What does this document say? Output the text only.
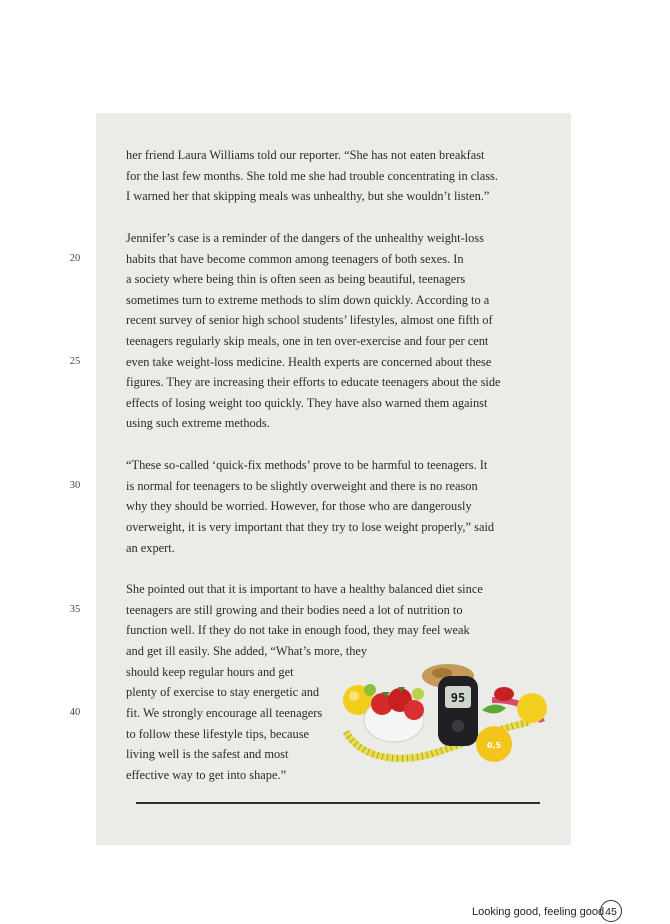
her friend Laura Williams told our reporter. “She has not eaten breakfast
for the last few months. She told me she had trouble concentrating in class.
I warned her that skipping meals was unhealthy, but she wouldn’t listen.”
Jennifer’s case is a reminder of the dangers of the unhealthy weight-loss
habits that have become common among teenagers of both sexes. In
a society where being thin is often seen as being beautiful, teenagers
sometimes turn to extreme methods to slim down quickly. According to a
recent survey of senior high school students’ lifestyles, almost one fifth of
teenagers regularly skip meals, one in ten over-exercise and four per cent
even take weight-loss medicine. Health experts are concerned about these
figures. They are increasing their efforts to educate teenagers about the side
effects of losing weight too quickly. They have also warned them against
using such extreme methods.
“These so-called ‘quick-fix methods’ prove to be harmful to teenagers. It
is normal for teenagers to be slightly overweight and there is no reason
why they should be worried. However, for those who are dangerously
overweight, it is very important that they try to lose weight properly,” said
an expert.
She pointed out that it is important to have a healthy balanced diet since
teenagers are still growing and their bodies need a lot of nutrition to
function well. If they do not take in enough food, they may feel weak
and get ill easily. She added, “What’s more, they
should keep regular hours and get
plenty of exercise to stay energetic and
fit. We strongly encourage all teenagers
to follow these lifestyle tips, because
living well is the safest and most
effective way to get into shape.”
20
25
30
35
40
95
0,5
Looking good, feeling good 45
